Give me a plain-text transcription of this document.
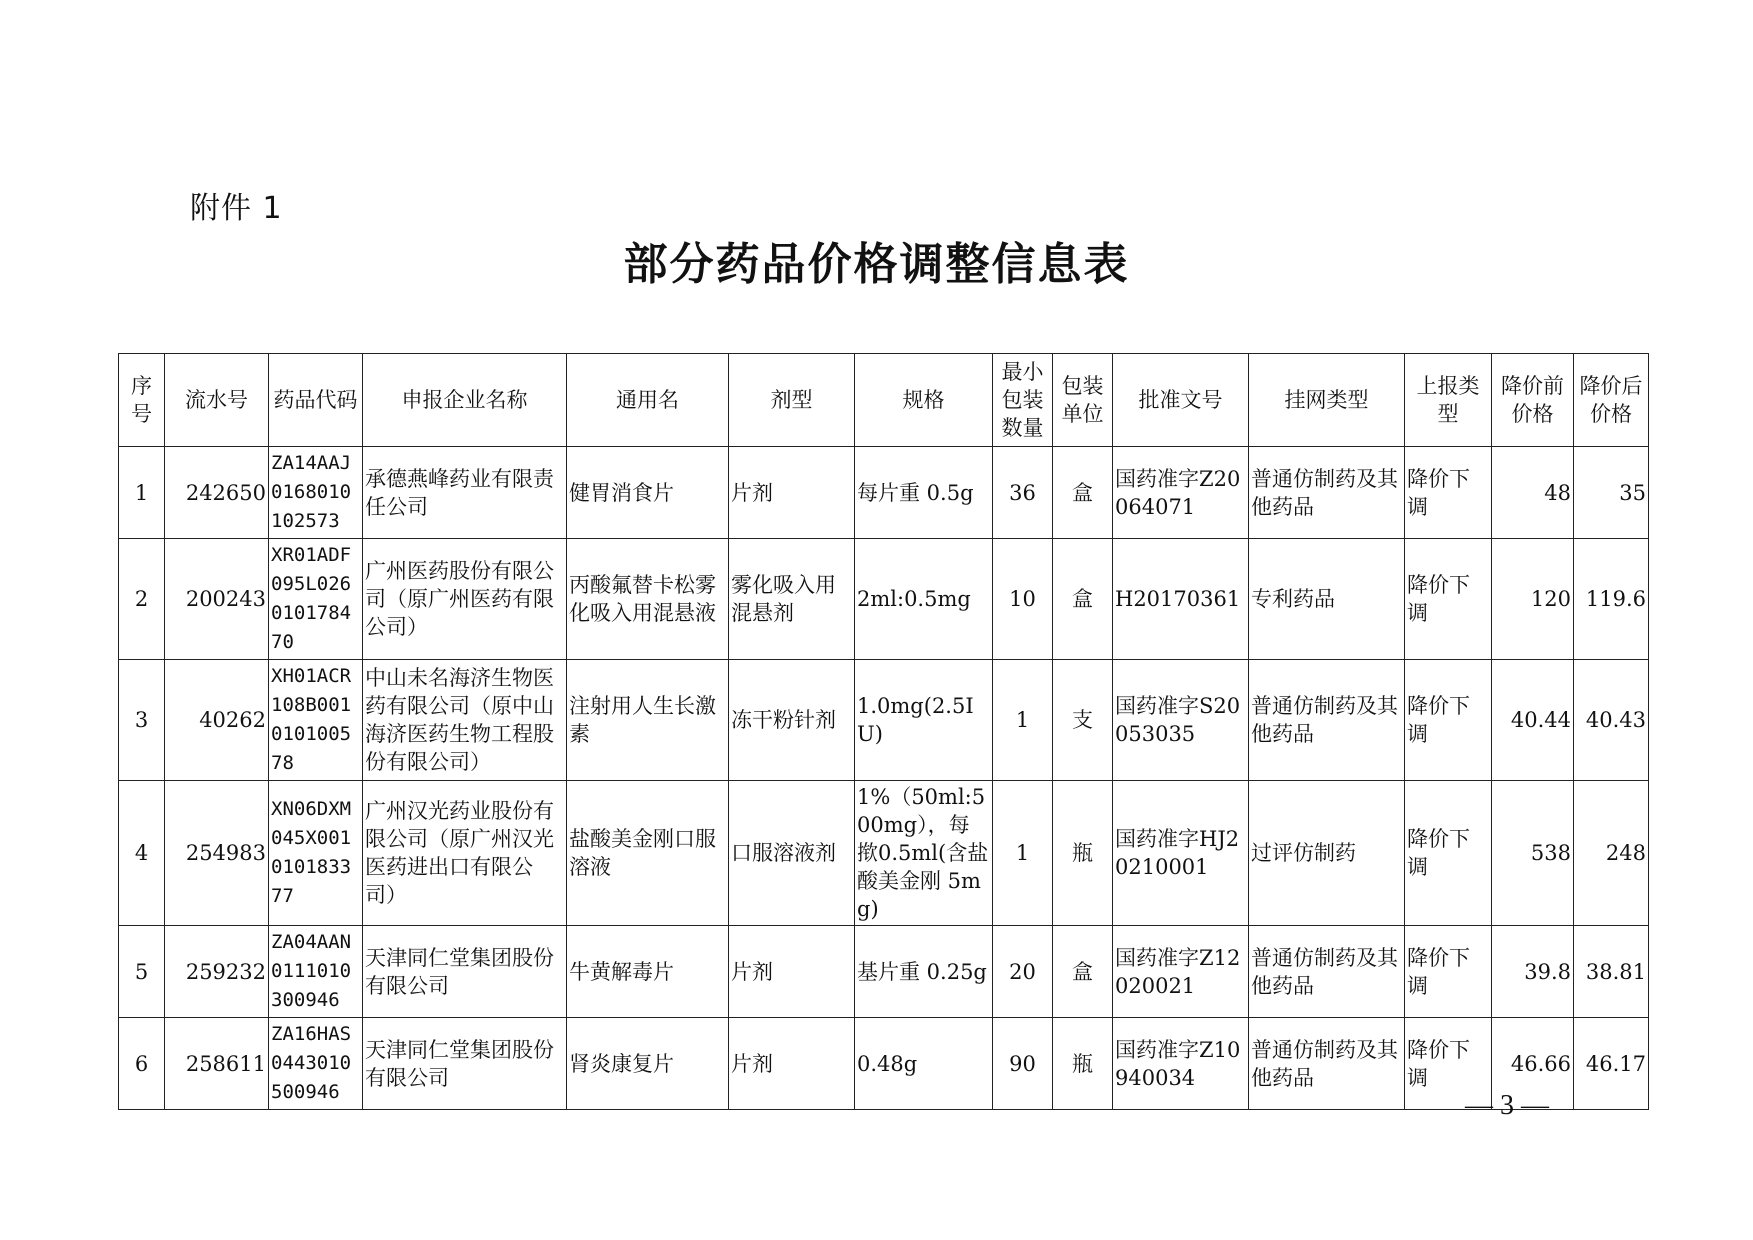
附件 1
部分药品价格调整信息表
序号	流水号	药品代码	申报企业名称	通用名	剂型	规格	最小包装数量	包装单位	批准文号	挂网类型	上报类型	降价前价格	降价后价格
1	242650	ZA14AAJ0168010102573	承德燕峰药业有限责任公司	健胃消食片	片剂	每片重 0.5g	36	盒	国药准字Z20064071	普通仿制药及其他药品	降价下调	48	35
2	200243	XR01ADF095L026010178470	广州医药股份有限公司（原广州医药有限公司）	丙酸氟替卡松雾化吸入用混悬液	雾化吸入用混悬剂	2ml:0.5mg	10	盒	H20170361	专利药品	降价下调	120	119.6
3	40262	XH01ACR108B001010100578	中山未名海济生物医药有限公司（原中山海济医药生物工程股份有限公司）	注射用人生长激素	冻干粉针剂	1.0mg(2.5IU)	1	支	国药准字S20053035	普通仿制药及其他药品	降价下调	40.44	40.43
4	254983	XN06DXM045X001010183377	广州汉光药业股份有限公司（原广州汉光医药进出口有限公司）	盐酸美金刚口服溶液	口服溶液剂	1%（50ml:500mg），每揿0.5ml(含盐酸美金刚 5mg)	1	瓶	国药准字HJ20210001	过评仿制药	降价下调	538	248
5	259232	ZA04AAN0111010300946	天津同仁堂集团股份有限公司	牛黄解毒片	片剂	基片重 0.25g	20	盒	国药准字Z12020021	普通仿制药及其他药品	降价下调	39.8	38.81
6	258611	ZA16HAS0443010500946	天津同仁堂集团股份有限公司	肾炎康复片	片剂	0.48g	90	瓶	国药准字Z10940034	普通仿制药及其他药品	降价下调	46.66	46.17
— 3 —
